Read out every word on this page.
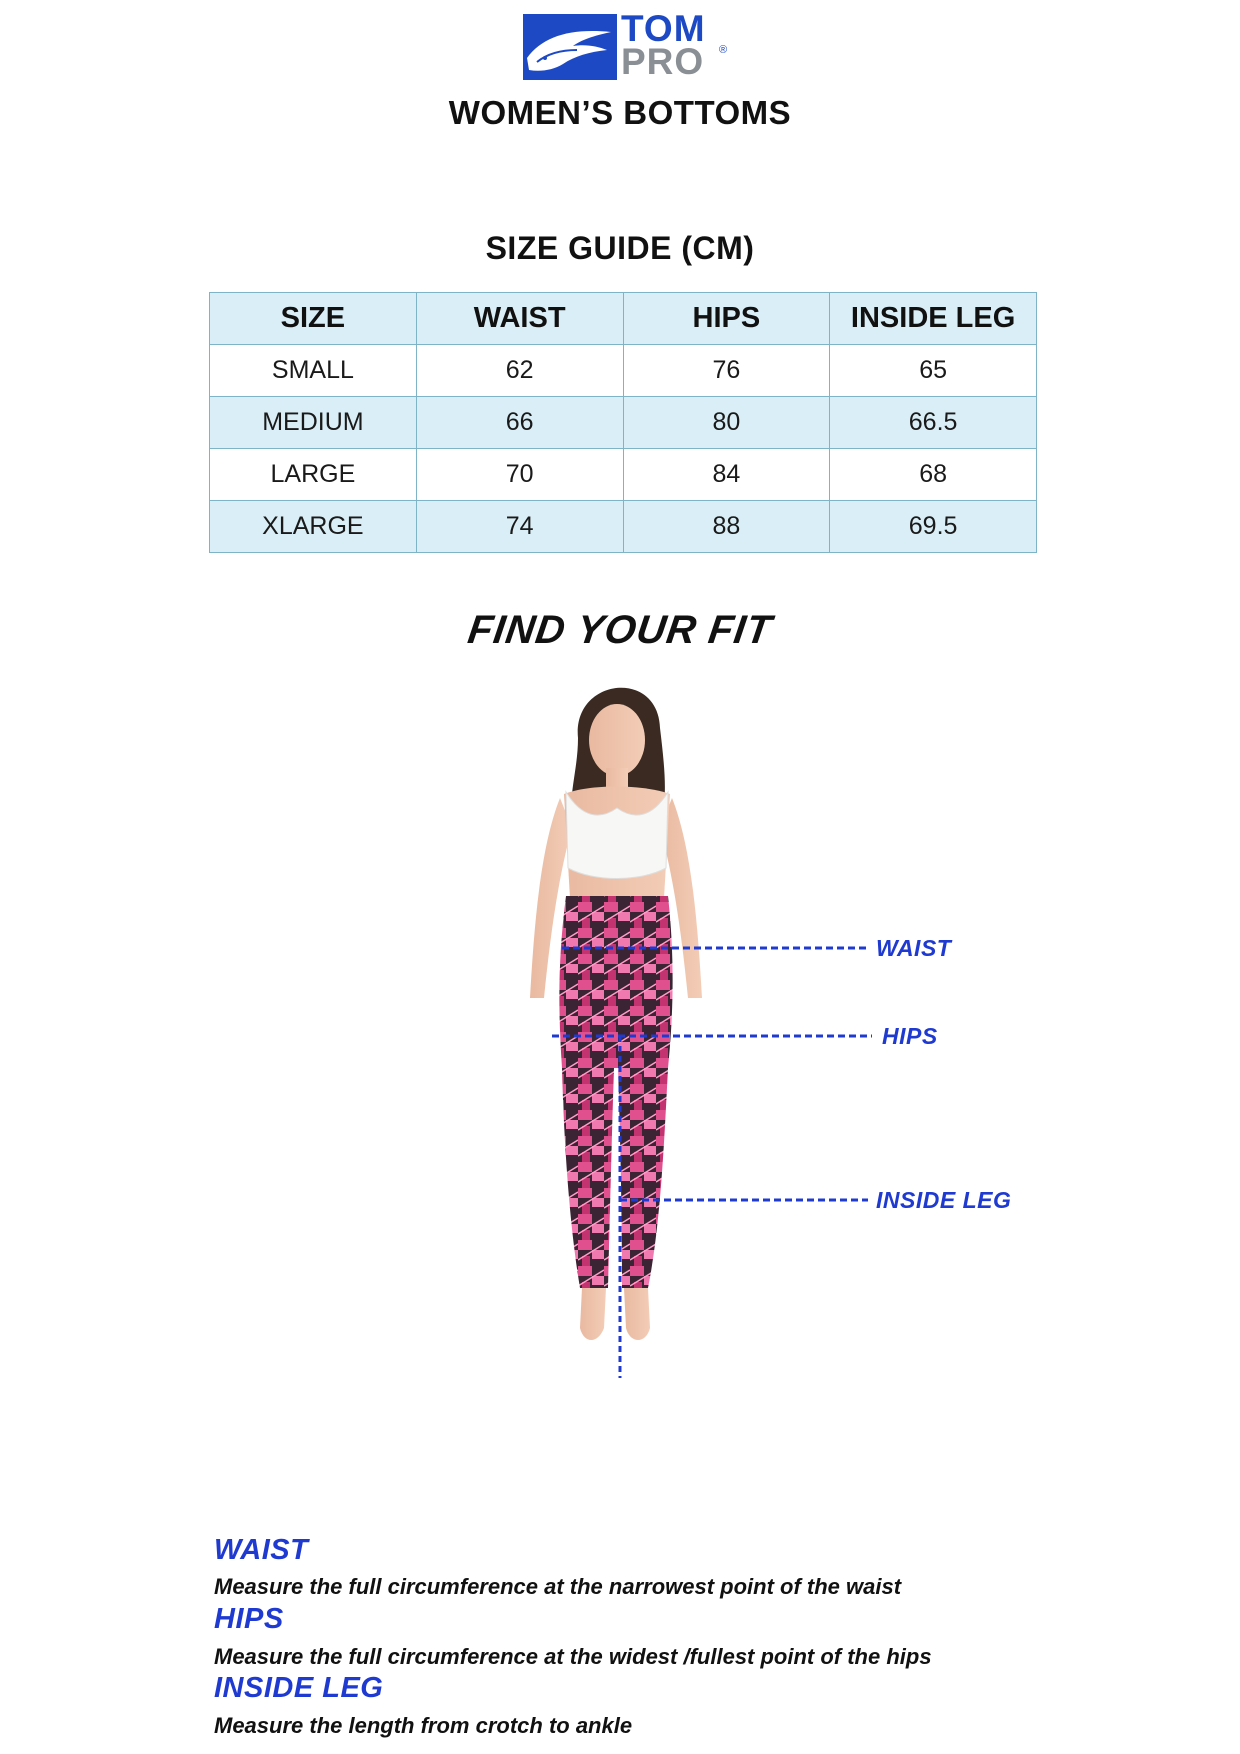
TOM
PRO ®
WOMEN’S BOTTOMS
SIZE GUIDE (CM)
SIZE	WAIST	HIPS	INSIDE LEG
SMALL	62	76	65
MEDIUM	66	80	66.5
LARGE	70	84	68
XLARGE	74	88	69.5
FIND YOUR FIT
WAIST
HIPS
INSIDE LEG
WAIST
Measure the full circumference at the narrowest point of the waist
HIPS
Measure the full circumference at the widest /fullest point of the hips
INSIDE LEG
Measure the length from crotch to ankle
